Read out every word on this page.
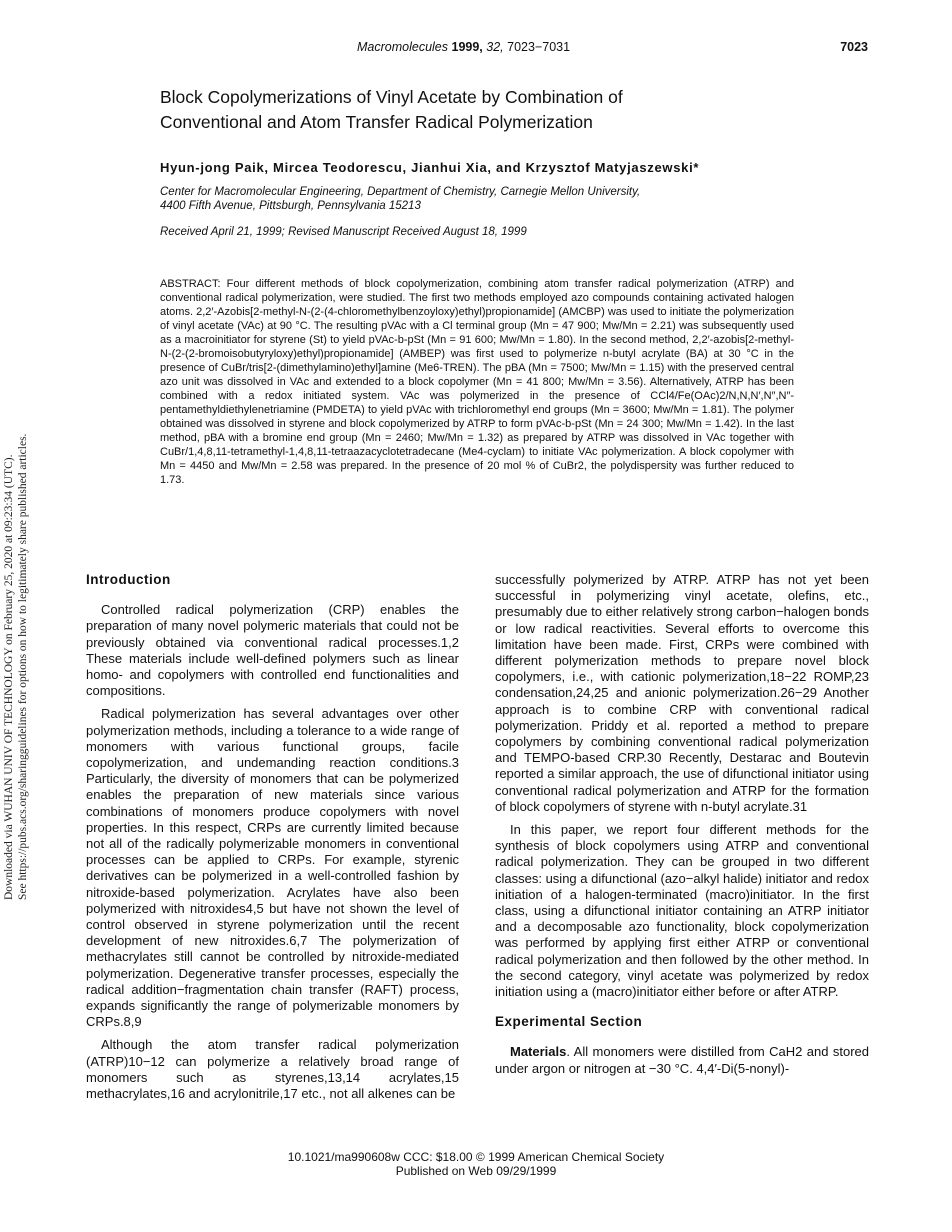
Macromolecules 1999, 32, 7023−7031	7023
Downloaded via WUHAN UNIV OF TECHNOLOGY on February 25, 2020 at 09:23:34 (UTC). See https://pubs.acs.org/sharingguidelines for options on how to legitimately share published articles.
Block Copolymerizations of Vinyl Acetate by Combination of
Conventional and Atom Transfer Radical Polymerization
Hyun-jong Paik, Mircea Teodorescu, Jianhui Xia, and Krzysztof Matyjaszewski*
Center for Macromolecular Engineering, Department of Chemistry, Carnegie Mellon University,
4400 Fifth Avenue, Pittsburgh, Pennsylvania 15213
Received April 21, 1999; Revised Manuscript Received August 18, 1999
ABSTRACT: Four different methods of block copolymerization, combining atom transfer radical polymerization (ATRP) and conventional radical polymerization, were studied. The first two methods employed azo compounds containing activated halogen atoms. 2,2′-Azobis[2-methyl-N-(2-(4-chloromethylbenzoyloxy)ethyl)propionamide] (AMCBP) was used to initiate the polymerization of vinyl acetate (VAc) at 90 °C. The resulting pVAc with a Cl terminal group (Mn = 47 900; Mw/Mn = 2.21) was subsequently used as a macroinitiator for styrene (St) to yield pVAc-b-pSt (Mn = 91 600; Mw/Mn = 1.80). In the second method, 2,2′-azobis[2-methyl-N-(2-(2-bromoisobutyryloxy)ethyl)propionamide] (AMBEP) was first used to polymerize n-butyl acrylate (BA) at 30 °C in the presence of CuBr/tris[2-(dimethylamino)ethyl]amine (Me6-TREN). The pBA (Mn = 7500; Mw/Mn = 1.15) with the preserved central azo unit was dissolved in VAc and extended to a block copolymer (Mn = 41 800; Mw/Mn = 3.56). Alternatively, ATRP has been combined with a redox initiated system. VAc was polymerized in the presence of CCl4/Fe(OAc)2/N,N,N′,N″,N″-pentamethyldiethylenetriamine (PMDETA) to yield pVAc with trichloromethyl end groups (Mn = 3600; Mw/Mn = 1.81). The polymer obtained was dissolved in styrene and block copolymerized by ATRP to form pVAc-b-pSt (Mn = 24 300; Mw/Mn = 1.42). In the last method, pBA with a bromine end group (Mn = 2460; Mw/Mn = 1.32) as prepared by ATRP was dissolved in VAc together with CuBr/1,4,8,11-tetramethyl-1,4,8,11-tetraazacyclotetradecane (Me4-cyclam) to initiate VAc polymerization. A block copolymer with Mn = 4450 and Mw/Mn = 2.58 was prepared. In the presence of 20 mol % of CuBr2, the polydispersity was further reduced to 1.73.
Introduction

Controlled radical polymerization (CRP) enables the preparation of many novel polymeric materials that could not be previously obtained via conventional radical processes.1,2 These materials include well-defined polymers such as linear homo- and copolymers with controlled end functionalities and compositions.

Radical polymerization has several advantages over other polymerization methods, including a tolerance to a wide range of monomers with various functional groups, facile copolymerization, and undemanding reaction conditions.3 Particularly, the diversity of monomers that can be polymerized enables the preparation of new materials since various combinations of monomers produce copolymers with novel properties. In this respect, CRPs are currently limited because not all of the radically polymerizable monomers in conventional processes can be applied to CRPs. For example, styrenic derivatives can be polymerized in a well-controlled fashion by nitroxide-based polymerization. Acrylates have also been polymerized with nitroxides4,5 but have not shown the level of control observed in styrene polymerization until the recent development of new nitroxides.6,7 The polymerization of methacrylates still cannot be controlled by nitroxide-mediated polymerization. Degenerative transfer processes, especially the radical addition−fragmentation chain transfer (RAFT) process, expands significantly the range of polymerizable monomers by CRPs.8,9

Although the atom transfer radical polymerization (ATRP)10−12 can polymerize a relatively broad range of monomers such as styrenes,13,14 acrylates,15 methacrylates,16 and acrylonitrile,17 etc., not all alkenes can be

successfully polymerized by ATRP. ATRP has not yet been successful in polymerizing vinyl acetate, olefins, etc., presumably due to either relatively strong carbon−halogen bonds or low radical reactivities. Several efforts to overcome this limitation have been made. First, CRPs were combined with different polymerization methods to prepare novel block copolymers, i.e., with cationic polymerization,18−22 ROMP,23 condensation,24,25 and anionic polymerization.26−29 Another approach is to combine CRP with conventional radical polymerization. Priddy et al. reported a method to prepare copolymers by combining conventional radical polymerization and TEMPO-based CRP.30 Recently, Destarac and Boutevin reported a similar approach, the use of difunctional initiator using conventional radical polymerization and ATRP for the formation of block copolymers of styrene with n-butyl acrylate.31

In this paper, we report four different methods for the synthesis of block copolymers using ATRP and conventional radical polymerization. They can be grouped in two different classes: using a difunctional (azo−alkyl halide) initiator and redox initiation of a halogen-terminated (macro)initiator. In the first class, using a difunctional initiator containing an ATRP initiator and a decomposable azo functionality, block copolymerization was performed by applying first either ATRP or conventional radical polymerization and then followed by the other method. In the second category, vinyl acetate was polymerized by redox initiation using a (macro)initiator either before or after ATRP.

Experimental Section

Materials. All monomers were distilled from CaH2 and stored under argon or nitrogen at −30 °C. 4,4′-Di(5-nonyl)-

10.1021/ma990608w CCC: $18.00 © 1999 American Chemical Society
Published on Web 09/29/1999
